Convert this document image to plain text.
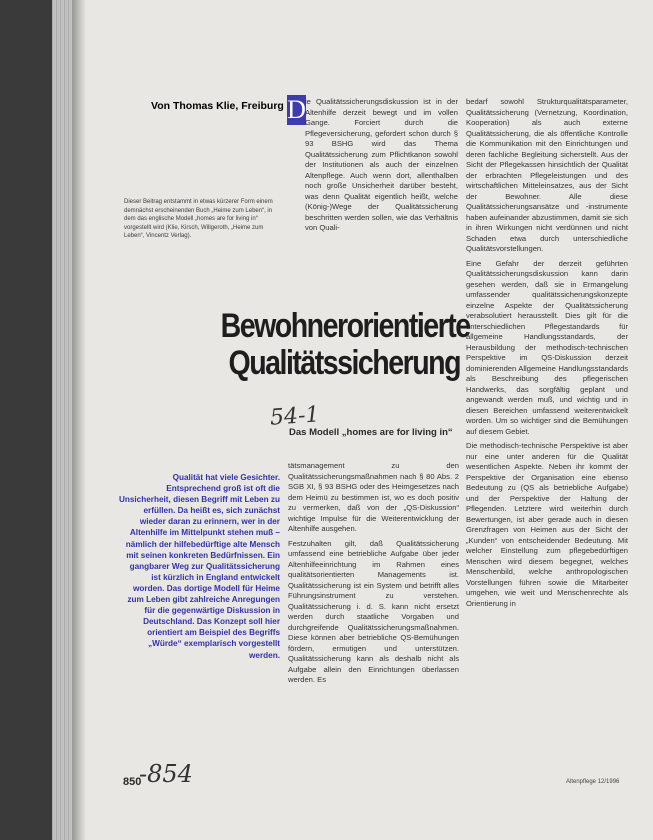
Von Thomas Klie, Freiburg
Dieser Beitrag entstammt in etwas kürzerer Form einem demnächst erscheinenden Buch „Heime zum Leben“, in dem das englische Modell „homes are for living in“ vorgestellt wird (Klie, Kirsch, Willgeroth, „Heime zum Leben“, Vincentz Verlag).
D ie Qualitätssicherungsdiskussion ist in der Altenhilfe derzeit bewegt und im vollen Gange. Forciert durch die Pflegeversicherung, gefordert schon durch § 93 BSHG wird das Thema Qualitätssicherung zum Pflichtkanon sowohl der Institutionen als auch der einzelnen Altenpflege. Auch wenn dort, allenthalben noch große Unsicherheit darüber besteht, was denn Qualität eigentlich heißt, welche (König-)Wege der Qualitätssicherung beschritten werden sollen, wie das Verhältnis von Quali-

bedarf sowohl Strukturqualitätsparameter, Qualitätssicherung (Vernetzung, Koordination, Kooperation) als auch externe Qualitätssicherung, die als öffentliche Kontrolle die Kommunikation mit den Einrichtungen und deren fachliche Begleitung sicherstellt. Aus der Sicht der Pflegekassen hinsichtlich der Qualität der erbrachten Pflegeleistungen und des wirtschaftlichen Mitteleinsatzes, aus der Sicht der Bewohner. Alle diese Qualitätssicherungsansätze und -instrumente haben aufeinander abzustimmen, damit sie sich in ihren Wirkungen nicht verdünnen und nicht Schaden etwa durch unterschiedliche Qualitätsvorstellungen.

Eine Gefahr der derzeit geführten Qualitätssicherungsdiskussion kann darin gesehen werden, daß sie in Ermangelung umfassender qualitätssicherungskonzepte einzelne Aspekte der Qualitätssicherung verabsolutiert herausstellt. Dies gilt für die unterschiedlichen Pflegestandards für allgemeine Handlungsstandards, der Herausbildung der methodisch-technischen Perspektive im QS-Diskussion derzeit dominierenden Allgemeine Handlungsstandards als Beschreibung des pflegerischen Handwerks, das sorgfältig geplant und angewandt werden muß, und wichtig und in diesen Bereichen umfassend weiterentwickelt worden. Um so wichtiger sind die Bemühungen auf diesem Gebiet.

Die methodisch-technische Perspektive ist aber nur eine unter anderen für die Qualität wesentlichen Aspekte. Neben ihr kommt der Perspektive der Organisation eine ebenso Bedeutung zu (QS als betriebliche Aufgabe) und der Perspektive der Haltung der Pflegenden. Letztere wird weiterhin durch Bewertungen, ist aber gerade auch in diesen Grenzfragen von Heimen aus der Sicht der „Kunden“ von entscheidender Bedeutung. Mit welcher Einstellung zum pflegebedürftigen Menschen wird diesem begegnet, welches Menschenbild, welche anthropologischen Vorstellungen führen sowie die Mitarbeiter umgehen, wie weit und Menschenrechte als Orientierung in

Bewohnerorientierte
Qualitätssicherung
54-1
Das Modell „homes are for living in“
Qualität hat viele Gesichter. Entsprechend groß ist oft die Unsicherheit, diesen Begriff mit Leben zu erfüllen. Da heißt es, sich zunächst wieder daran zu erinnern, wer in der Altenhilfe im Mittelpunkt stehen muß – nämlich der hilfebedürftige alte Mensch mit seinen konkreten Bedürfnissen. Ein gangbarer Weg zur Qualitätssicherung ist kürzlich in England entwickelt worden. Das dortige Modell für Heime zum Leben gibt zahlreiche Anregungen für die gegenwärtige Diskussion in Deutschland. Das Konzept soll hier orientiert am Beispiel des Begriffs „Würde“ exemplarisch vorgestellt werden.

tätsmanagement zu den Qualitätssicherungsmaßnahmen nach § 80 Abs. 2 SGB XI, § 93 BSHG oder des Heimgesetzes nach dem Heimü zu bestimmen ist, wo es doch positiv zu vermerken, daß von der „QS-Diskussion“ wichtige Impulse für die Weiterentwicklung der Altenhilfe ausgehen.

Festzuhalten gilt, daß Qualitätssicherung umfassend eine betriebliche Aufgabe über jeder Altenhilfeeinrichtung im Rahmen eines qualitätsorientierten Managements ist. Qualitätssicherung ist ein System und betrifft alles Führungsinstrument zu verstehen. Qualitätssicherung i. d. S. kann nicht ersetzt werden durch staatliche Vorgaben und durchgreifende Qualitätssicherungsmaßnahmen. Diese können aber betriebliche QS-Bemühungen fördern, ermutigen und unterstützen. Qualitätssicherung kann als deshalb nicht als Aufgabe allein den Einrichtungen überlassen werden. Es

850
-854	Altenpflege 12/1996
